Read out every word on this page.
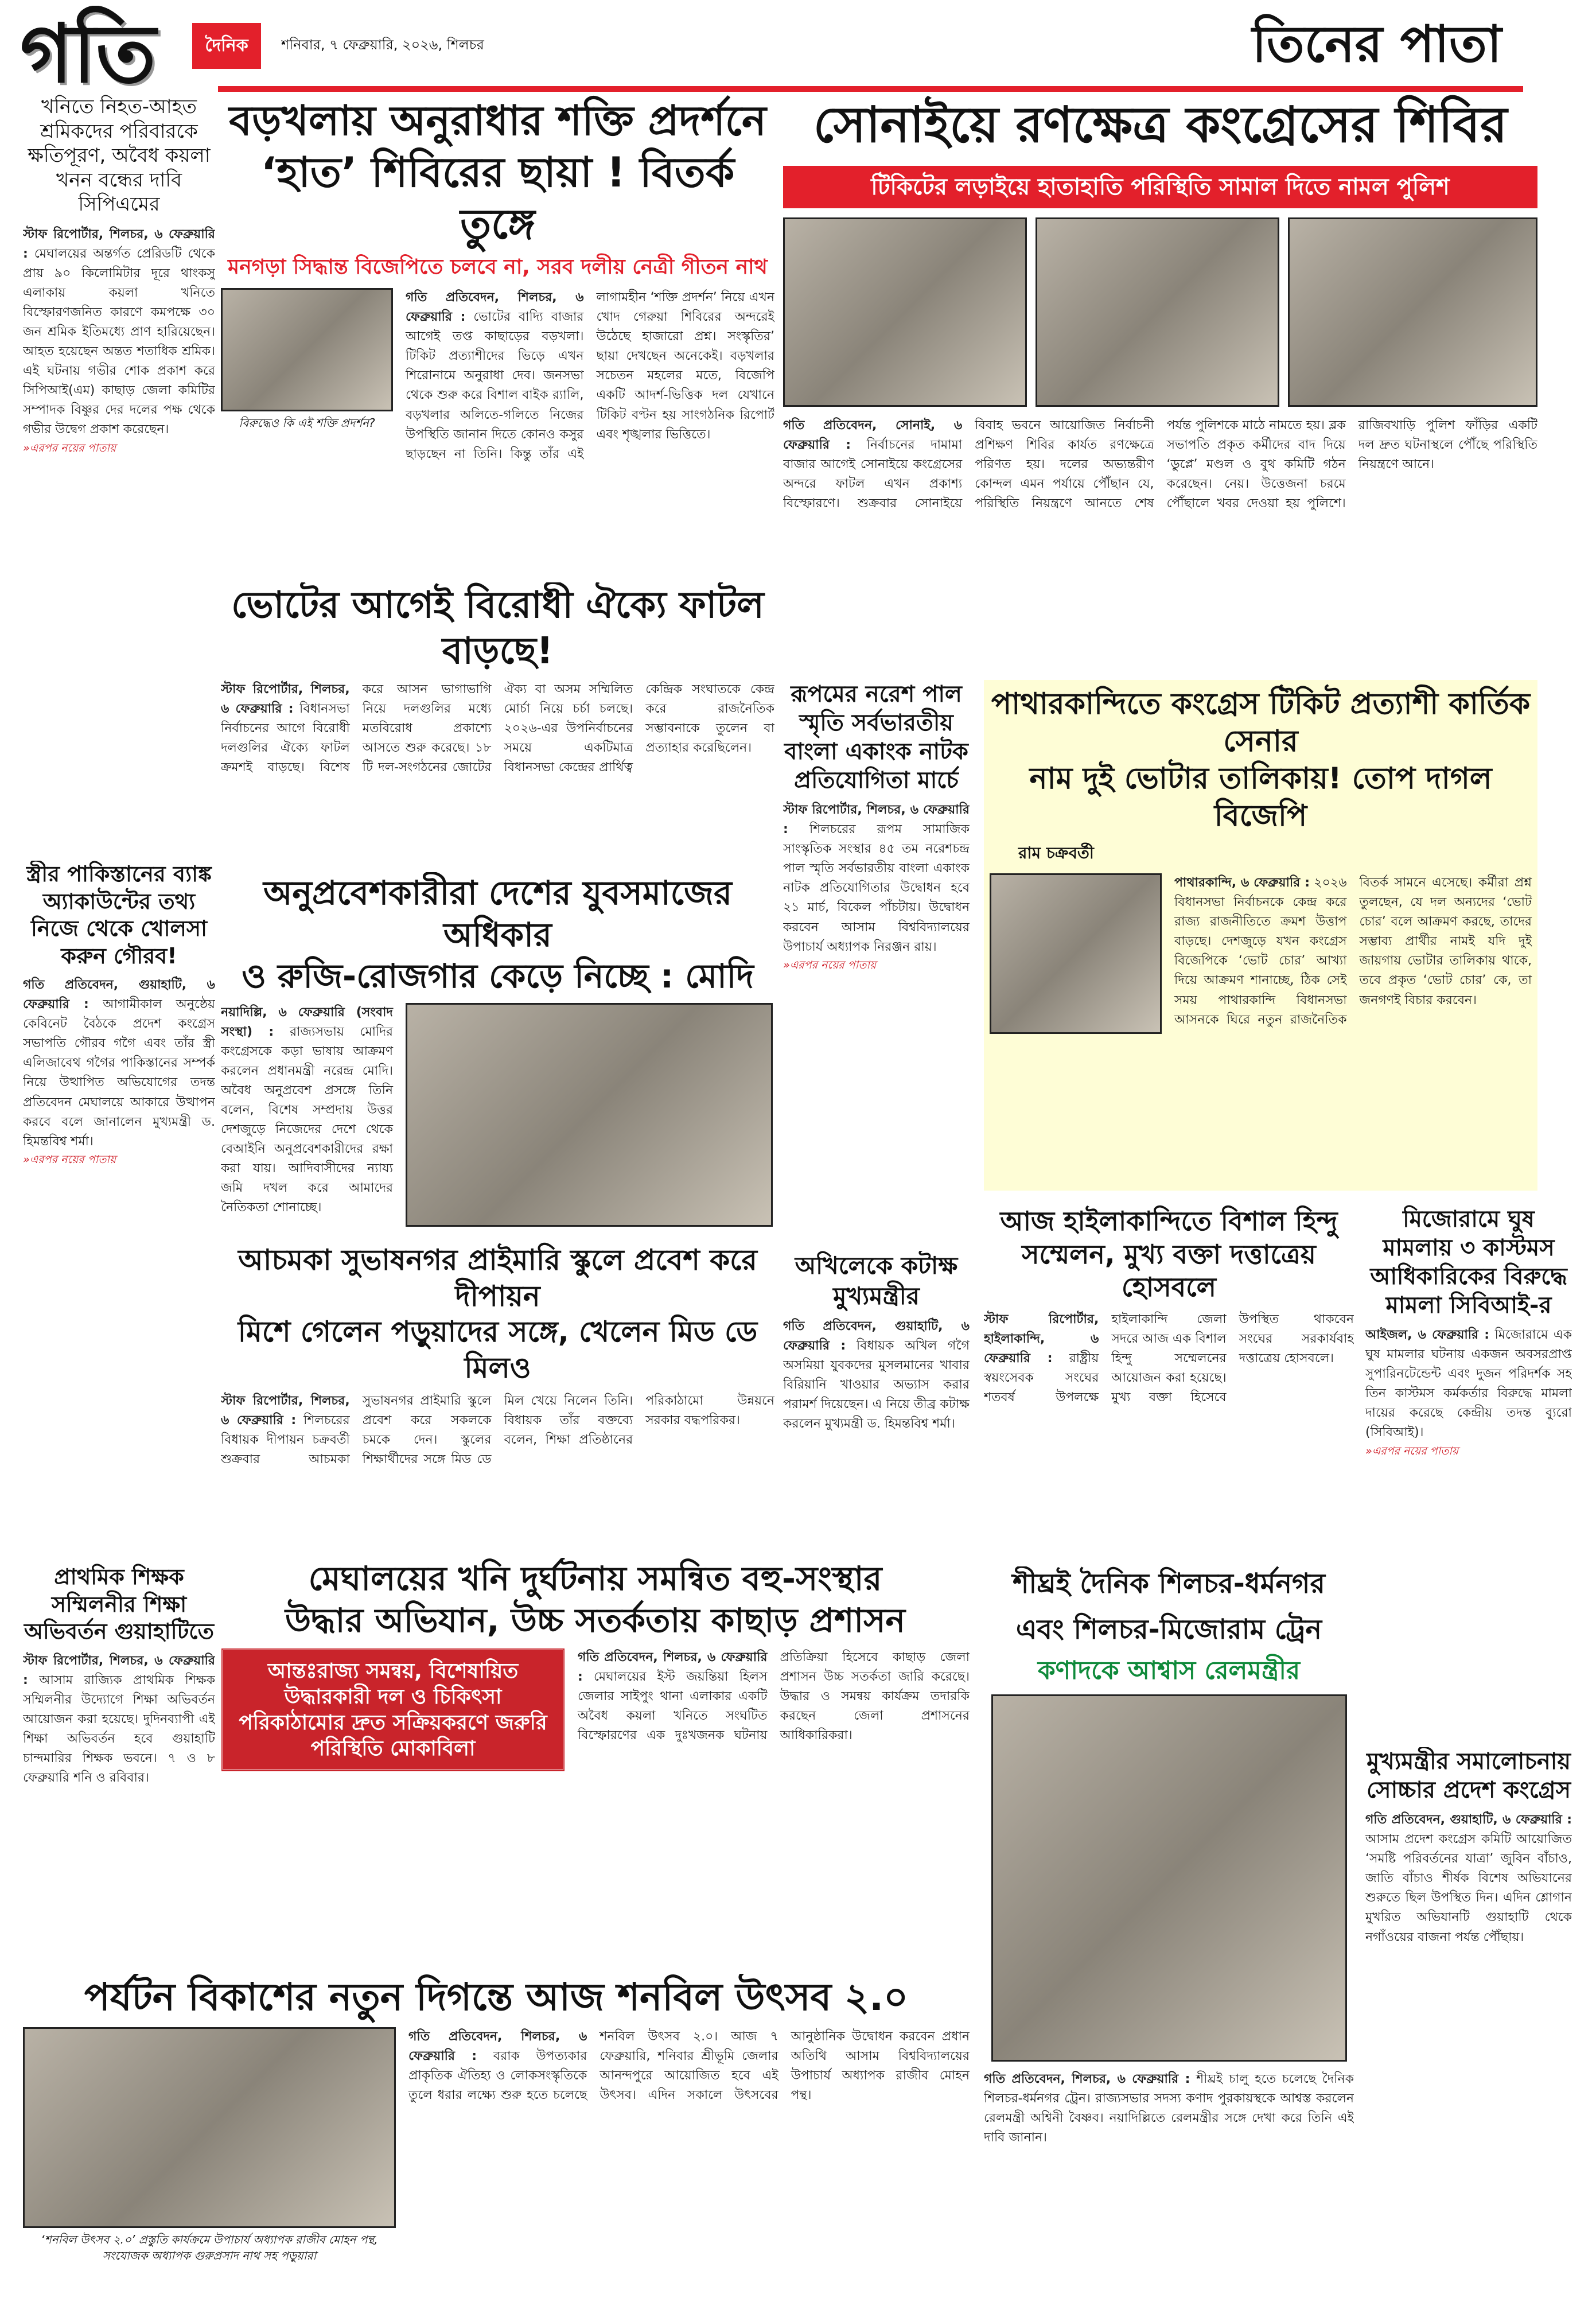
গতি	দৈনিক	শনিবার, ৭ ফেব্রুয়ারি, ২০২৬, শিলচর	তিনের পাতা
খনিতে নিহত-আহত শ্রমিকদের পরিবারকে ক্ষতিপূরণ, অবৈধ কয়লা খনন বন্ধের দাবি সিপিএমের
স্টাফ রিপোর্টার, শিলচর, ৬ ফেব্রুয়ারি : মেঘালয়ের অন্তর্গত প্রেরিডটি থেকে প্রায় ৯০ কিলোমিটার দূরে থাংকসু এলাকায় কয়লা খনিতে বিস্ফোরণজনিত কারণে কমপক্ষে ৩০ জন শ্রমিক ইতিমধ্যে প্রাণ হারিয়েছেন। আহত হয়েছেন অন্তত শতাধিক শ্রমিক। এই ঘটনায় গভীর শোক প্রকাশ করে সিপিআই(এম) কাছাড় জেলা কমিটির সম্পাদক বিষ্ণুর দের দলের পক্ষ থেকে গভীর উদ্বেগ প্রকাশ করেছেন।
»এরপর নয়ের পাতায়
বড়খলায় অনুরাধার শক্তি প্রদর্শনে
‘হাত’ শিবিরের ছায়া ! বিতর্ক তুঙ্গে
মনগড়া সিদ্ধান্ত বিজেপিতে চলবে না, সরব দলীয় নেত্রী গীতন নাথ
বিরুদ্ধেও কি এই শক্তি প্রদর্শন?
গতি প্রতিবেদন, শিলচর, ৬ ফেব্রুয়ারি : ভোটের বাদ্যি বাজার আগেই তপ্ত কাছাড়ের বড়খলা। টিকিট প্রত্যাশীদের ভিড়ে এখন শিরোনামে অনুরাধা দেব। জনসভা থেকে শুরু করে বিশাল বাইক র‍্যালি, বড়খলার অলিতে-গলিতে নিজের উপস্থিতি জানান দিতে কোনও কসুর ছাড়ছেন না তিনি। কিন্তু তাঁর এই লাগামহীন ‘শক্তি প্রদর্শন’ নিয়ে এখন খোদ গেরুয়া শিবিরের অন্দরেই উঠেছে হাজারো প্রশ্ন। সংস্কৃতির’ ছায়া দেখছেন অনেকেই। বড়খলার সচেতন মহলের মতে, বিজেপি একটি আদর্শ-ভিত্তিক দল যেখানে টিকিট বণ্টন হয় সাংগঠনিক রিপোর্ট এবং শৃঙ্খলার ভিত্তিতে।
ভোটের আগেই বিরোধী ঐক্যে ফাটল বাড়ছে!
স্টাফ রিপোর্টার, শিলচর, ৬ ফেব্রুয়ারি : বিধানসভা নির্বাচনের আগে বিরোধী দলগুলির ঐক্যে ফাটল ক্রমশই বাড়ছে। বিশেষ করে আসন ভাগাভাগি নিয়ে দলগুলির মধ্যে মতবিরোধ প্রকাশ্যে আসতে শুরু করেছে। ১৮ টি দল-সংগঠনের জোটের ঐক্য বা অসম সম্মিলিত মোর্চা নিয়ে চর্চা চলছে। ২০২৬-এর উপনির্বাচনের সময়ে একটিমাত্র বিধানসভা কেন্দ্রের প্রার্থিত্ব কেন্দ্রিক সংঘাতকে কেন্দ্র করে রাজনৈতিক সম্ভাবনাকে তুলেন বা প্রত্যাহার করেছিলেন।
সোনাইয়ে রণক্ষেত্র কংগ্রেসের শিবির
টিকিটের লড়াইয়ে হাতাহাতি পরিস্থিতি সামাল দিতে নামল পুলিশ
গতি প্রতিবেদন, সোনাই, ৬ ফেব্রুয়ারি : নির্বাচনের দামামা বাজার আগেই সোনাইয়ে কংগ্রেসের অন্দরে ফাটল এখন প্রকাশ্য বিস্ফোরণে। শুক্রবার সোনাইয়ে বিবাহ ভবনে আয়োজিত নির্বাচনী প্রশিক্ষণ শিবির কার্যত রণক্ষেত্রে পরিণত হয়। দলের অভ্যন্তরীণ কোন্দল এমন পর্যায়ে পৌঁছান যে, পরিস্থিতি নিয়ন্ত্রণে আনতে শেষ পর্যন্ত পুলিশকে মাঠে নামতে হয়। ব্লক সভাপতি প্রকৃত কর্মীদের বাদ দিয়ে ‘ডুপ্লে’ মণ্ডল ও বুথ কমিটি গঠন করেছেন। নেয়। উত্তেজনা চরমে পৌঁছালে খবর দেওয়া হয় পুলিশে। রাজিবখাড়ি পুলিশ ফাঁড়ির একটি দল দ্রুত ঘটনাস্থলে পৌঁছে পরিস্থিতি নিয়ন্ত্রণে আনে।
রূপমের নরেশ পাল স্মৃতি সর্বভারতীয় বাংলা একাংক নাটক প্রতিযোগিতা মার্চে
স্টাফ রিপোর্টার, শিলচর, ৬ ফেব্রুয়ারি : শিলচরের রূপম সামাজিক সাংস্কৃতিক সংস্থার ৪৫ তম নরেশচন্দ্র পাল স্মৃতি সর্বভারতীয় বাংলা একাংক নাটক প্রতিযোগিতার উদ্বোধন হবে ২১ মার্চ, বিকেল পাঁচটায়। উদ্বোধন করবেন আসাম বিশ্ববিদ্যালয়ের উপাচার্য অধ্যাপক নিরঞ্জন রায়।
»এরপর নয়ের পাতায়
পাথারকান্দিতে কংগ্রেস টিকিট প্রত্যাশী কার্তিক সেনার
নাম দুই ভোটার তালিকায়! তোপ দাগল বিজেপি
রাম চক্রবর্তী
পাথারকান্দি, ৬ ফেব্রুয়ারি : ২০২৬ বিধানসভা নির্বাচনকে কেন্দ্র করে রাজ্য রাজনীতিতে ক্রমশ উত্তাপ বাড়ছে। দেশজুড়ে যখন কংগ্রেস বিজেপিকে ‘ভোট চোর’ আখ্যা দিয়ে আক্রমণ শানাচ্ছে, ঠিক সেই সময় পাথারকান্দি বিধানসভা আসনকে ঘিরে নতুন রাজনৈতিক বিতর্ক সামনে এসেছে। কর্মীরা প্রশ্ন তুলছেন, যে দল অন্যদের ‘ভোট চোর’ বলে আক্রমণ করছে, তাদের সম্ভাব্য প্রার্থীর নামই যদি দুই জায়গায় ভোটার তালিকায় থাকে, তবে প্রকৃত ‘ভোট চোর’ কে, তা জনগণই বিচার করবেন।
অনুপ্রবেশকারীরা দেশের যুবসমাজের অধিকার
ও রুজি-রোজগার কেড়ে নিচ্ছে : মোদি
নয়াদিল্লি, ৬ ফেব্রুয়ারি (সংবাদ সংস্থা) : রাজ্যসভায় মোদির কংগ্রেসকে কড়া ভাষায় আক্রমণ করলেন প্রধানমন্ত্রী নরেন্দ্র মোদি। অবৈধ অনুপ্রবেশ প্রসঙ্গে তিনি বলেন, বিশেষ সম্প্রদায় উত্তর দেশজুড়ে নিজেদের দেশে থেকে বেআইনি অনুপ্রবেশকারীদের রক্ষা করা যায়। আদিবাসীদের ন্যায্য জমি দখল করে আমাদের নৈতিকতা শোনাচ্ছে।
স্ত্রীর পাকিস্তানের ব্যাঙ্ক অ্যাকাউন্টের তথ্য নিজে থেকে খোলসা করুন গৌরব!
গতি প্রতিবেদন, গুয়াহাটি, ৬ ফেব্রুয়ারি : আগামীকাল অনুষ্ঠেয় কেবিনেট বৈঠকে প্রদেশ কংগ্রেস সভাপতি গৌরব গগৈ এবং তাঁর স্ত্রী এলিজাবেথ গগৈর পাকিস্তানের সম্পর্ক নিয়ে উত্থাপিত অভিযোগের তদন্ত প্রতিবেদন মেঘালয়ে আকারে উত্থাপন করবে বলে জানালেন মুখ্যমন্ত্রী ড. হিমন্তবিশ্ব শর্মা।
»এরপর নয়ের পাতায়
আচমকা সুভাষনগর প্রাইমারি স্কুলে প্রবেশ করে দীপায়ন
মিশে গেলেন পড়ুয়াদের সঙ্গে, খেলেন মিড ডে মিলও
স্টাফ রিপোর্টার, শিলচর, ৬ ফেব্রুয়ারি : শিলচরের বিধায়ক দীপায়ন চক্রবর্তী শুক্রবার আচমকা সুভাষনগর প্রাইমারি স্কুলে প্রবেশ করে সকলকে চমকে দেন। স্কুলের শিক্ষার্থীদের সঙ্গে মিড ডে মিল খেয়ে নিলেন তিনি। বিধায়ক তাঁর বক্তব্যে বলেন, শিক্ষা প্রতিষ্ঠানের পরিকাঠামো উন্নয়নে সরকার বদ্ধপরিকর।
অখিলেকে কটাক্ষ মুখ্যমন্ত্রীর
গতি প্রতিবেদন, গুয়াহাটি, ৬ ফেব্রুয়ারি : বিধায়ক অখিল গগৈ অসমিয়া যুবকদের মুসলমানের খাবার বিরিয়ানি খাওয়ার অভ্যাস করার পরামর্শ দিয়েছেন। এ নিয়ে তীব্র কটাক্ষ করলেন মুখ্যমন্ত্রী ড. হিমন্তবিশ্ব শর্মা।
আজ হাইলাকান্দিতে বিশাল হিন্দু
সম্মেলন, মুখ্য বক্তা দত্তাত্রেয় হোসবলে
স্টাফ রিপোর্টার, হাইলাকান্দি, ৬ ফেব্রুয়ারি : রাষ্ট্রীয় স্বয়ংসেবক সংঘের শতবর্ষ উপলক্ষে হাইলাকান্দি জেলা সদরে আজ এক বিশাল হিন্দু সম্মেলনের আয়োজন করা হয়েছে। মুখ্য বক্তা হিসেবে উপস্থিত থাকবেন সংঘের সরকার্যবাহ দত্তাত্রেয় হোসবলে।
মিজোরামে ঘুষ মামলায় ৩ কাস্টমস আধিকারিকের বিরুদ্ধে মামলা সিবিআই-র
আইজল, ৬ ফেব্রুয়ারি : মিজোরামে এক ঘুষ মামলার ঘটনায় একজন অবসরপ্রাপ্ত সুপারিনটেন্ডেন্ট এবং দুজন পরিদর্শক সহ তিন কাস্টমস কর্মকর্তার বিরুদ্ধে মামলা দায়ের করেছে কেন্দ্রীয় তদন্ত ব্যুরো (সিবিআই)।
»এরপর নয়ের পাতায়
প্রাথমিক শিক্ষক সম্মিলনীর শিক্ষা অভিবর্তন গুয়াহাটিতে
স্টাফ রিপোর্টার, শিলচর, ৬ ফেব্রুয়ারি : আসাম রাজ্যিক প্রাথমিক শিক্ষক সম্মিলনীর উদ্যোগে শিক্ষা অভিবর্তন আয়োজন করা হয়েছে। দুদিনব্যাপী এই শিক্ষা অভিবর্তন হবে গুয়াহাটি চান্দমারির শিক্ষক ভবনে। ৭ ও ৮ ফেব্রুয়ারি শনি ও রবিবার।
মেঘালয়ের খনি দুর্ঘটনায় সমন্বিত বহু-সংস্থার
উদ্ধার অভিযান, উচ্চ সতর্কতায় কাছাড় প্রশাসন
আন্তঃরাজ্য সমন্বয়, বিশেষায়িত উদ্ধারকারী দল ও চিকিৎসা পরিকাঠামোর দ্রুত সক্রিয়করণে জরুরি পরিস্থিতি মোকাবিলা
গতি প্রতিবেদন, শিলচর, ৬ ফেব্রুয়ারি : মেঘালয়ের ইস্ট জয়ন্তিয়া হিলস জেলার সাইপুং থানা এলাকার একটি অবৈধ কয়লা খনিতে সংঘটিত বিস্ফোরণের এক দুঃখজনক ঘটনায় প্রতিক্রিয়া হিসেবে কাছাড় জেলা প্রশাসন উচ্চ সতর্কতা জারি করেছে। উদ্ধার ও সমন্বয় কার্যক্রম তদারকি করছেন জেলা প্রশাসনের আধিকারিকরা।
শীঘ্রই দৈনিক শিলচর-ধর্মনগর
এবং শিলচর-মিজোরাম ট্রেন
কণাদকে আশ্বাস রেলমন্ত্রীর
গতি প্রতিবেদন, শিলচর, ৬ ফেব্রুয়ারি : শীঘ্রই চালু হতে চলেছে দৈনিক শিলচর-ধর্মনগর ট্রেন। রাজ্যসভার সদস্য কণাদ পুরকায়স্থকে আশ্বস্ত করলেন রেলমন্ত্রী অশ্বিনী বৈষ্ণব। নয়াদিল্লিতে রেলমন্ত্রীর সঙ্গে দেখা করে তিনি এই দাবি জানান।
মুখ্যমন্ত্রীর সমালোচনায় সোচ্চার প্রদেশ কংগ্রেস
গতি প্রতিবেদন, গুয়াহাটি, ৬ ফেব্রুয়ারি : আসাম প্রদেশ কংগ্রেস কমিটি আয়োজিত ‘সমষ্টি পরিবর্তনের যাত্রা’ জুবিন বাঁচাও, জাতি বাঁচাও শীর্ষক বিশেষ অভিযানের শুরুতে ছিল উপস্থিত দিন। এদিন শ্লোগান মুখরিত অভিযানটি গুয়াহাটি থেকে নগাঁওয়ের বাজনা পর্যন্ত পৌঁছায়।
পর্যটন বিকাশের নতুন দিগন্তে আজ শনবিল উৎসব ২.০
‘শনবিল উৎসব ২.০’ প্রস্তুতি কার্যক্রমে উপাচার্য অধ্যাপক রাজীব মোহন পন্থ, সংযোজক অধ্যাপক গুরুপ্রসাদ নাথ সহ পড়ুয়ারা
গতি প্রতিবেদন, শিলচর, ৬ ফেব্রুয়ারি : বরাক উপত্যকার প্রাকৃতিক ঐতিহ্য ও লোকসংস্কৃতিকে তুলে ধরার লক্ষ্যে শুরু হতে চলেছে শনবিল উৎসব ২.০। আজ ৭ ফেব্রুয়ারি, শনিবার শ্রীভূমি জেলার আনন্দপুরে আয়োজিত হবে এই উৎসব। এদিন সকালে উৎসবের আনুষ্ঠানিক উদ্বোধন করবেন প্রধান অতিথি আসাম বিশ্ববিদ্যালয়ের উপাচার্য অধ্যাপক রাজীব মোহন পন্থ।
